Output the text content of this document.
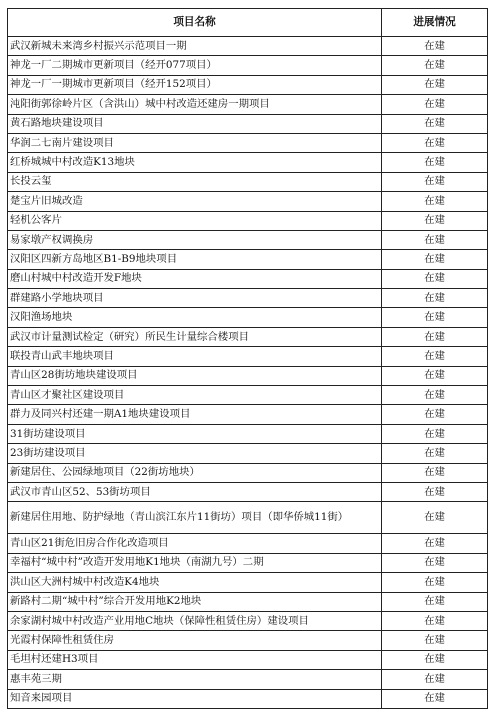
项目名称	进展情况
武汉新城未来湾乡村振兴示范项目一期	在建
神龙一厂二期城市更新项目（经开077项目）	在建
神龙一厂一期城市更新项目（经开152项目）	在建
沌阳街郭徐岭片区（含洪山）城中村改造还建房一期项目	在建
黄石路地块建设项目	在建
华润二七南片建设项目	在建
红桥城城中村改造K13地块	在建
长投云玺	在建
楚宝片旧城改造	在建
轻机公客片	在建
易家墩产权调换房	在建
汉阳区四新方岛地区B1-B9地块项目	在建
磨山村城中村改造开发F地块	在建
群建路小学地块项目	在建
汉阳渔场地块	在建
武汉市计量测试检定（研究）所民生计量综合楼项目	在建
联投青山武丰地块项目	在建
青山区28街坊地块建设项目	在建
青山区才聚社区建设项目	在建
群力及同兴村还建一期A1地块建设项目	在建
31街坊建设项目	在建
23街坊建设项目	在建
新建居住、公园绿地项目（22街坊地块）	在建
武汉市青山区52、53街坊项目	在建
新建居住用地、防护绿地（青山滨江东片11街坊）项目（即华侨城11街）	在建
青山区21街危旧房合作化改造项目	在建
幸福村“城中村”改造开发用地K1地块（南湖九号）二期	在建
洪山区大洲村城中村改造K4地块	在建
新路村二期“城中村”综合开发用地K2地块	在建
余家湖村城中村改造产业用地C地块（保障性租赁住房）建设项目	在建
光霞村保障性租赁住房	在建
毛坦村还建H3项目	在建
惠丰苑三期	在建
知音来园项目	在建
